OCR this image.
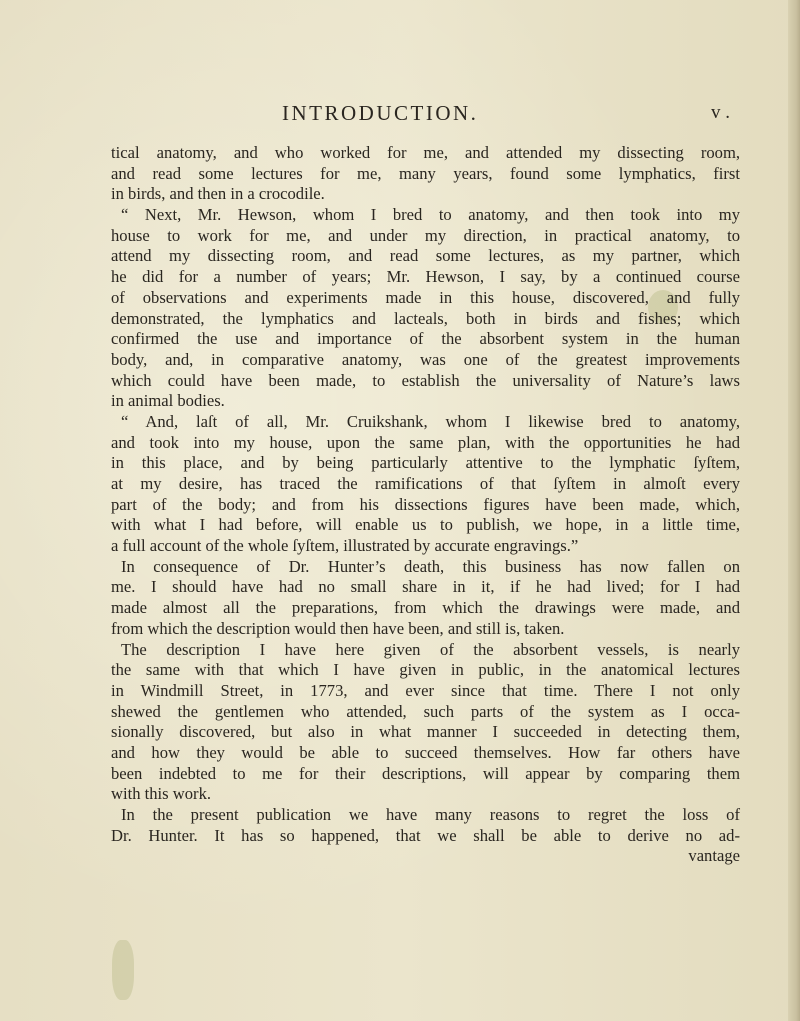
INTRODUCTION.	v .
tical anatomy, and who worked for me, and attended my dissecting room,
and read some lectures for me, many years, found some lymphatics, first
in birds, and then in a crocodile.
“ Next, Mr. Hewson, whom I bred to anatomy, and then took into my
house to work for me, and under my direction, in practical anatomy, to
attend my dissecting room, and read some lectures, as my partner, which
he did for a number of years; Mr. Hewson, I say, by a continued course
of observations and experiments made in this house, discovered, and fully
demonstrated, the lymphatics and lacteals, both in birds and fishes; which
confirmed the use and importance of the absorbent system in the human
body, and, in comparative anatomy, was one of the greatest improvements
which could have been made, to establish the universality of Nature’s laws
in animal bodies.
“ And, laſt of all, Mr. Cruikshank, whom I likewise bred to anatomy,
and took into my house, upon the same plan, with the opportunities he had
in this place, and by being particularly attentive to the lymphatic ſyſtem,
at my desire, has traced the ramifications of that ſyſtem in almoſt every
part of the body; and from his dissections figures have been made, which,
with what I had before, will enable us to publish, we hope, in a little time,
a full account of the whole ſyſtem, illustrated by accurate engravings.”
In consequence of Dr. Hunter’s death, this business has now fallen on
me. I should have had no small share in it, if he had lived; for I had
made almost all the preparations, from which the drawings were made, and
from which the description would then have been, and still is, taken.
The description I have here given of the absorbent vessels, is nearly
the same with that which I have given in public, in the anatomical lectures
in Windmill Street, in 1773, and ever since that time. There I not only
shewed the gentlemen who attended, such parts of the system as I occa-
sionally discovered, but also in what manner I succeeded in detecting them,
and how they would be able to succeed themselves. How far others have
been indebted to me for their descriptions, will appear by comparing them
with this work.
In the present publication we have many reasons to regret the loss of
Dr. Hunter. It has so happened, that we shall be able to derive no ad-
vantage
